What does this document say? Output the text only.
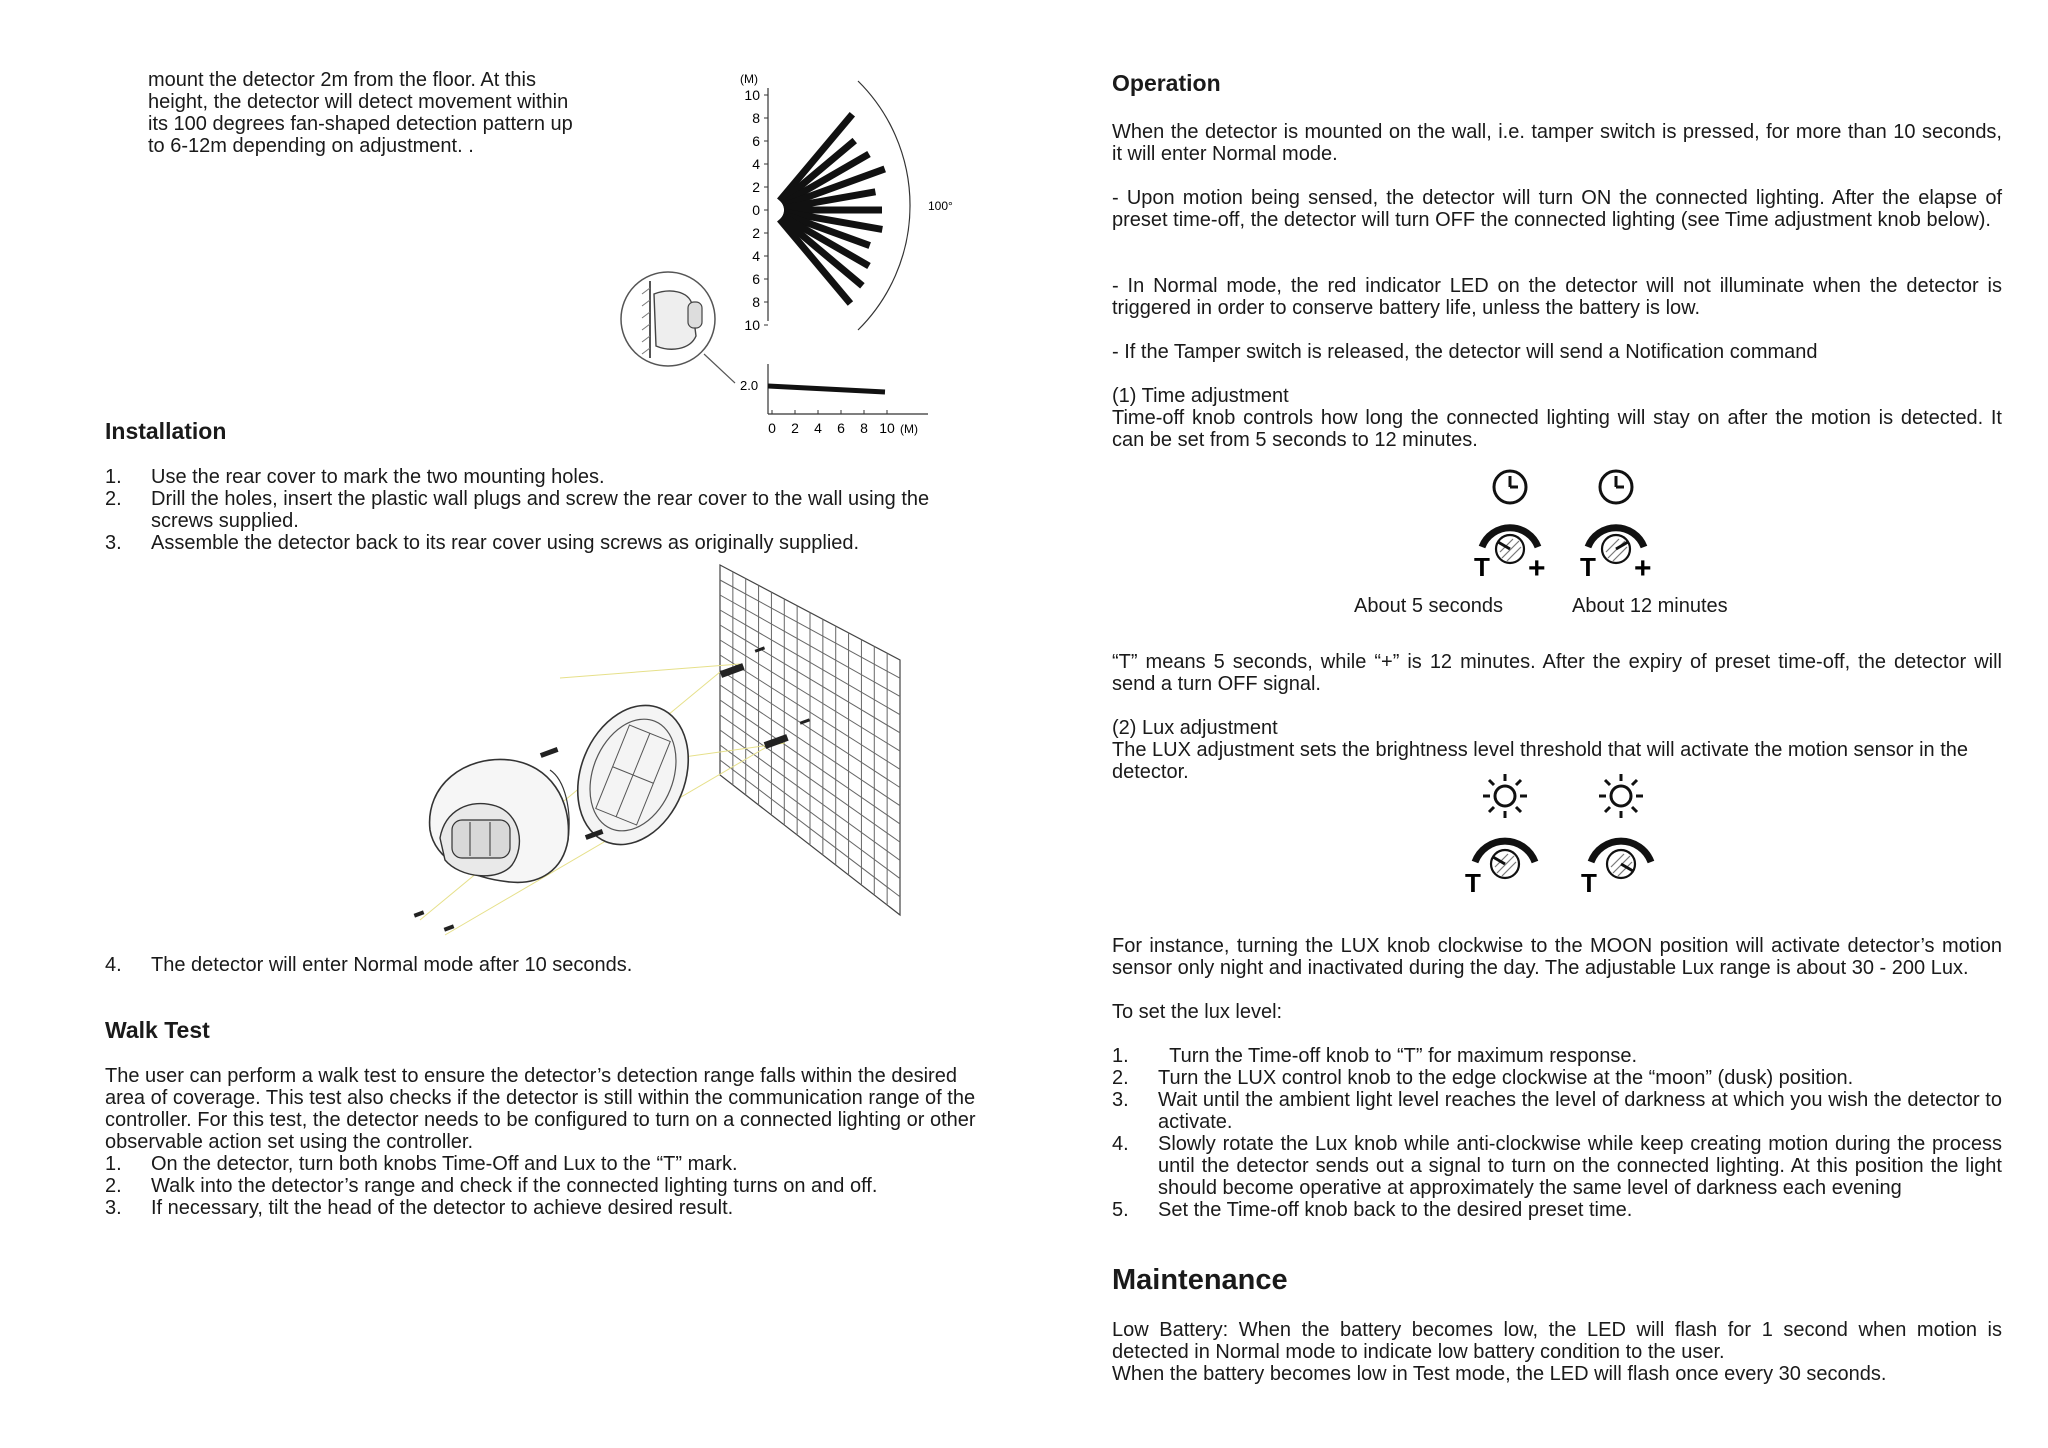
mount the detector 2m from the floor. At this height, the detector will detect movement within its 100 degrees fan-shaped detection pattern up to 6-12m depending on adjustment. .

(M)
10
8
6
4
2
0
2
4
6
8
10
100°
2.0
0 2 4 6 8 10 (M)
Installation
1. Use the rear cover to mark the two mounting holes.
2. Drill the holes, insert the plastic wall plugs and screw the rear cover to the wall using the screws supplied.
3. Assemble the detector back to its rear cover using screws as originally supplied.
4. The detector will enter Normal mode after 10 seconds.
Walk Test

The user can perform a walk test to ensure the detector’s detection range falls within the desired area of coverage. This test also checks if the detector is still within the communication range of the controller. For this test, the detector needs to be configured to turn on a connected lighting or other observable action set using the controller.

1. On the detector, turn both knobs Time-Off and Lux to the “T” mark.
2. Walk into the detector’s range and check if the connected lighting turns on and off.
3. If necessary, tilt the head of the detector to achieve desired result.
Operation

When the detector is mounted on the wall, i.e. tamper switch is pressed, for more than 10 seconds, it will enter Normal mode.

- Upon motion being sensed, the detector will turn ON the connected lighting. After the elapse of preset time-off, the detector will turn OFF the connected lighting (see Time adjustment knob below).

- In Normal mode, the red indicator LED on the detector will not illuminate when the detector is triggered in order to conserve battery life, unless the battery is low.

- If the Tamper switch is released, the detector will send a Notification command

(1) Time adjustment

Time-off knob controls how long the connected lighting will stay on after the motion is detected. It can be set from 5 seconds to 12 minutes.

T + T +

About 5 seconds	About 12 minutes

“T” means 5 seconds, while “+” is 12 minutes. After the expiry of preset time-off, the detector will send a turn OFF signal.

(2) Lux adjustment

The LUX adjustment sets the brightness level threshold that will activate the motion sensor in the detector.

T	T

For instance, turning the LUX knob clockwise to the MOON position will activate detector’s motion sensor only night and inactivated during the day. The adjustable Lux range is about 30 - 200 Lux.

To set the lux level:

1. Turn the Time-off knob to “T” for maximum response.
2. Turn the LUX control knob to the edge clockwise at the “moon” (dusk) position.
3. Wait until the ambient light level reaches the level of darkness at which you wish the detector to activate.
4. Slowly rotate the Lux knob while anti-clockwise while keep creating motion during the process until the detector sends out a signal to turn on the connected lighting. At this position the light should become operative at approximately the same level of darkness each evening
5. Set the Time-off knob back to the desired preset time.
Maintenance

Low Battery: When the battery becomes low, the LED will flash for 1 second when motion is detected in Normal mode to indicate low battery condition to the user.

When the battery becomes low in Test mode, the LED will flash once every 30 seconds.
